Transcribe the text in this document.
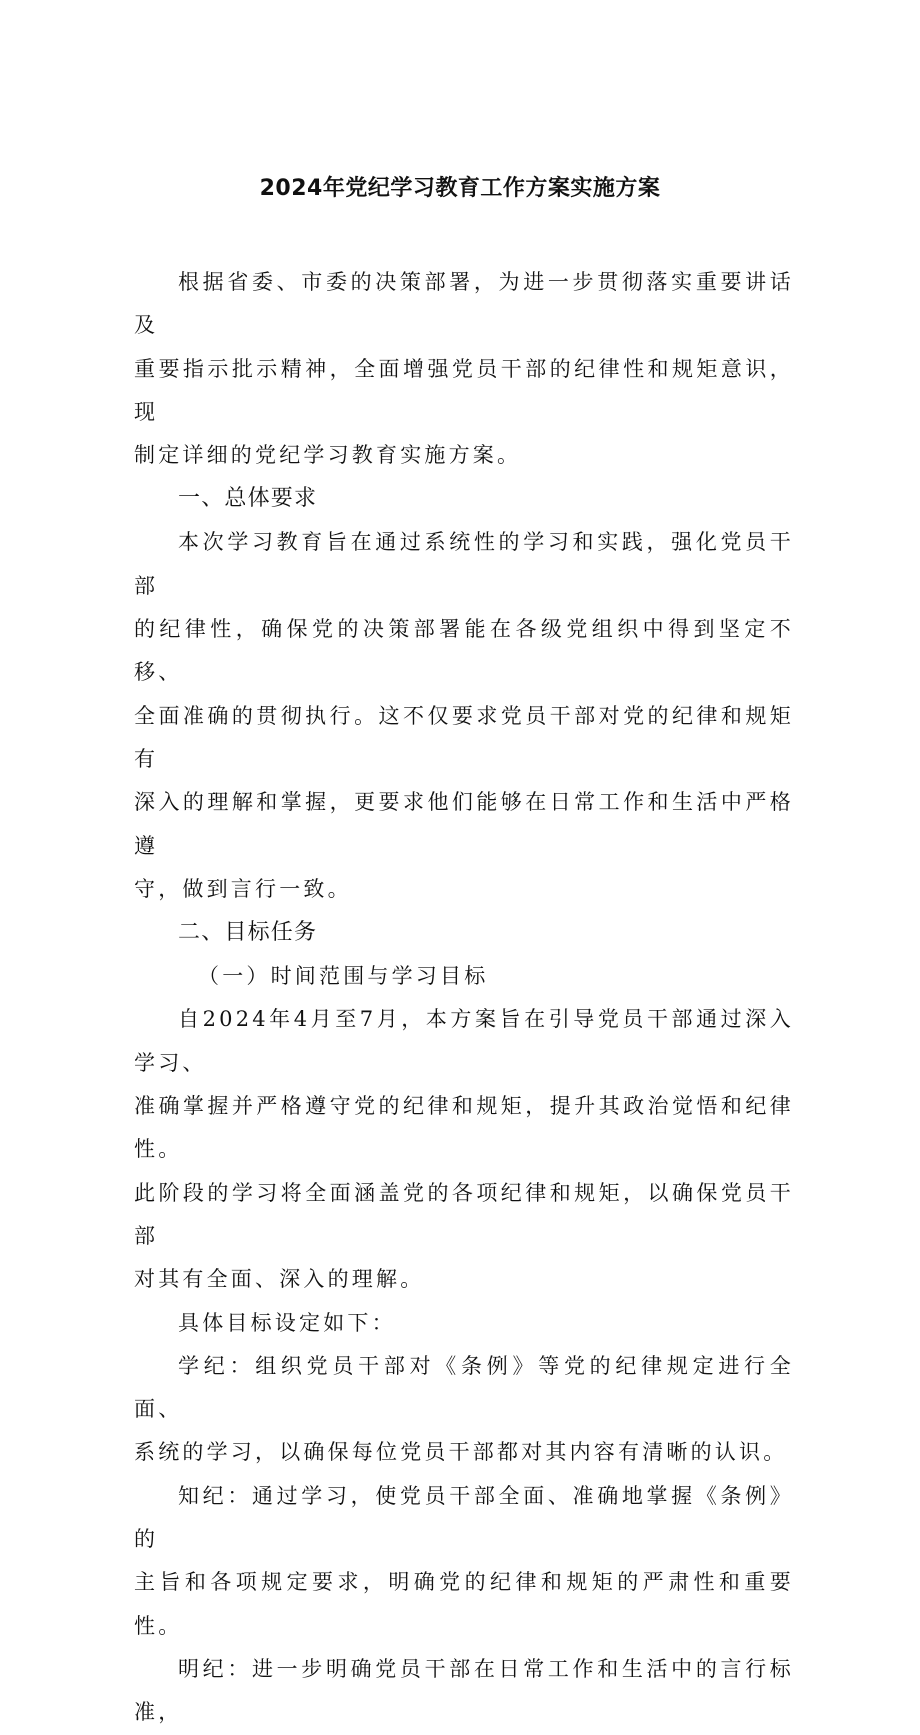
2024年党纪学习教育工作方案实施方案

根据省委、市委的决策部署，为进一步贯彻落实重要讲话及
重要指示批示精神，全面增强党员干部的纪律性和规矩意识，现
制定详细的党纪学习教育实施方案。

一、总体要求

本次学习教育旨在通过系统性的学习和实践，强化党员干部
的纪律性，确保党的决策部署能在各级党组织中得到坚定不移、
全面准确的贯彻执行。这不仅要求党员干部对党的纪律和规矩有
深入的理解和掌握，更要求他们能够在日常工作和生活中严格遵
守，做到言行一致。

二、目标任务

（一）时间范围与学习目标

自2024年4月至7月，本方案旨在引导党员干部通过深入学习、
准确掌握并严格遵守党的纪律和规矩，提升其政治觉悟和纪律性。
此阶段的学习将全面涵盖党的各项纪律和规矩，以确保党员干部
对其有全面、深入的理解。

具体目标设定如下：

学纪：组织党员干部对《条例》等党的纪律规定进行全面、
系统的学习，以确保每位党员干部都对其内容有清晰的认识。

知纪：通过学习，使党员干部全面、准确地掌握《条例》的
主旨和各项规定要求，明确党的纪律和规矩的严肃性和重要性。

明纪：进一步明确党员干部在日常工作和生活中的言行标准，
